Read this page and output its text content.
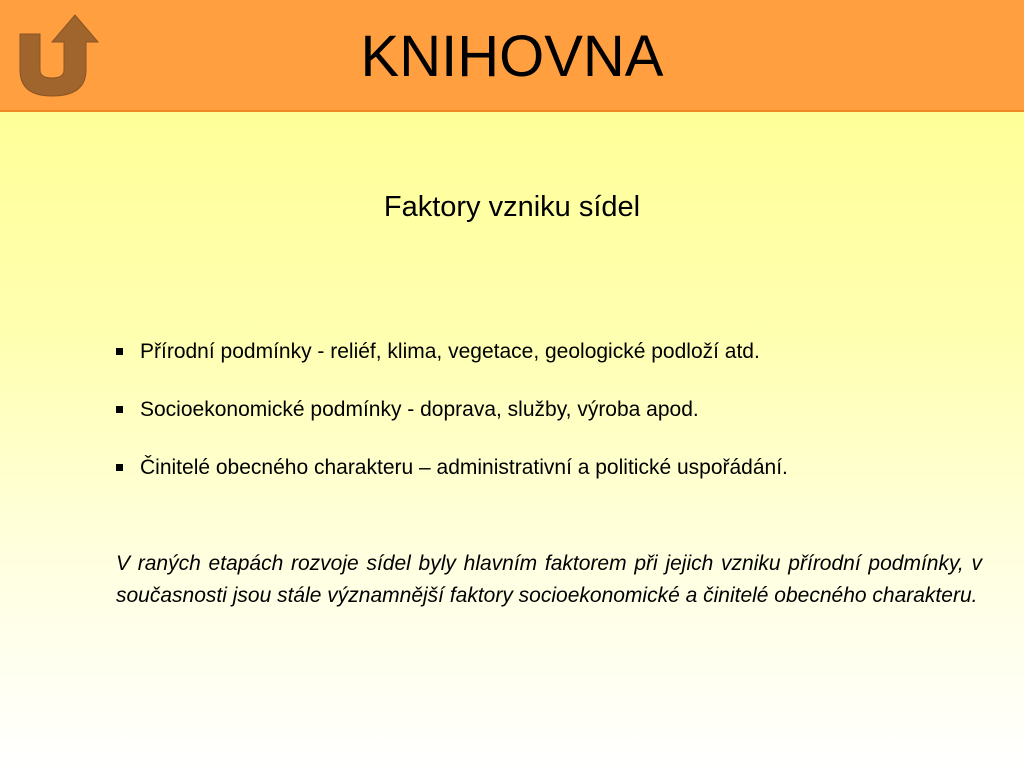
KNIHOVNA
Faktory vzniku sídel
Přírodní podmínky - reliéf, klima, vegetace, geologické podloží atd.
Socioekonomické podmínky - doprava, služby, výroba apod.
Činitelé obecného charakteru – administrativní a politické uspořádání.

V raných etapách rozvoje sídel byly hlavním faktorem při jejich vzniku přírodní podmínky, v současnosti jsou stále významnější faktory socioekonomické a činitelé obecného charakteru.
